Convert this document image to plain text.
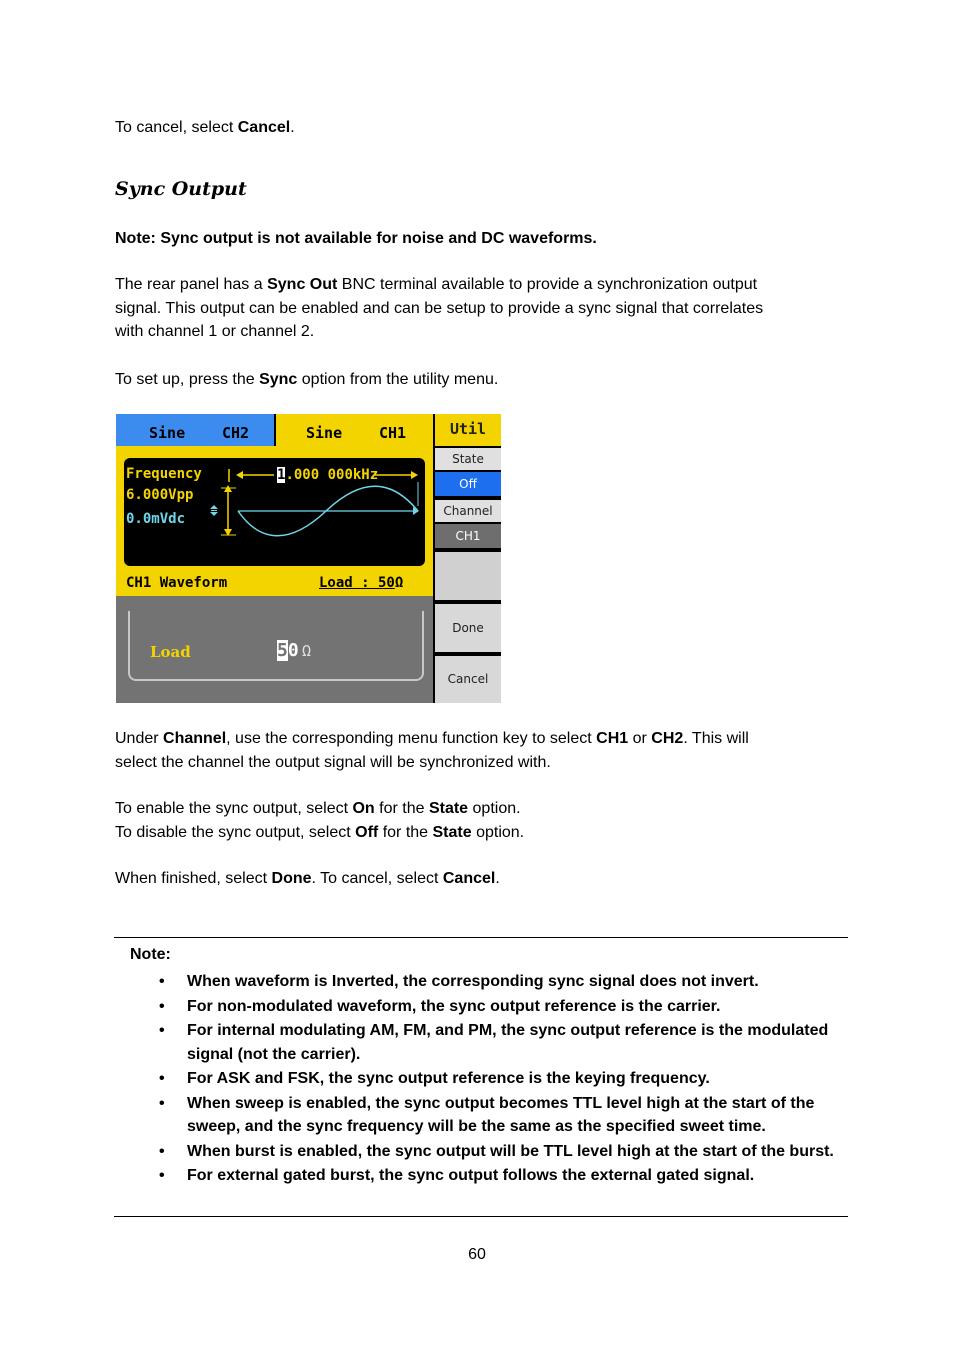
To cancel, select Cancel.

Sync Output

Note: Sync output is not available for noise and DC waveforms.

The rear panel has a Sync Out BNC terminal available to provide a synchronization output
signal. This output can be enabled and can be setup to provide a sync signal that correlates
with channel 1 or channel 2.

To set up, press the Sync option from the utility menu.

Sine CH2	Sine CH1
Frequency
6.000Vpp
0.0mVdc
1.000 000kHz
CH1 Waveform	Load : 50Ω
Load	50 Ω
Util
State
Off
Channel
CH1
Done
Cancel

Under Channel, use the corresponding menu function key to select CH1 or CH2. This will
select the channel the output signal will be synchronized with.

To enable the sync output, select On for the State option.
To disable the sync output, select Off for the State option.

When finished, select Done. To cancel, select Cancel.

Note:
• When waveform is Inverted, the corresponding sync signal does not invert.
• For non-modulated waveform, the sync output reference is the carrier.
• For internal modulating AM, FM, and PM, the sync output reference is the modulated signal (not the carrier).
• For ASK and FSK, the sync output reference is the keying frequency.
• When sweep is enabled, the sync output becomes TTL level high at the start of the sweep, and the sync frequency will be the same as the specified sweet time.
• When burst is enabled, the sync output will be TTL level high at the start of the burst.
• For external gated burst, the sync output follows the external gated signal.
60
